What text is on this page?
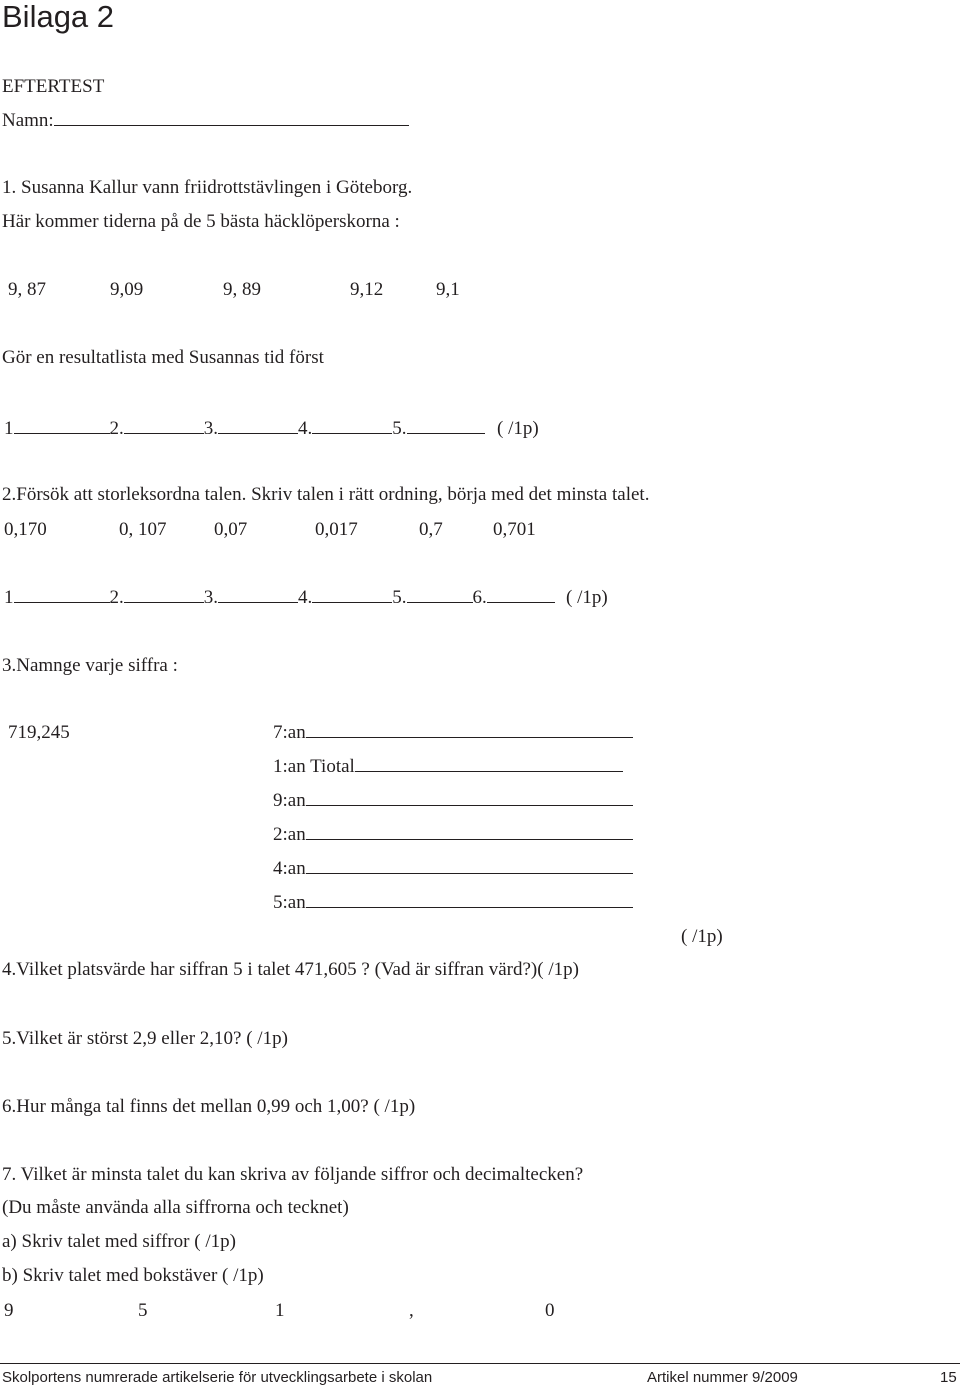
Bilaga 2
EFTERTEST
Namn:
1. Susanna Kallur vann friidrottstävlingen i Göteborg.
Här kommer tiderna på de 5 bästa häcklöperskorna :
9, 87	9,09	9, 89	9,12	9,1
Gör en resultatlista med Susannas tid först
1	2.	3.	4.	5.	( /1p)
2.Försök att storleksordna talen. Skriv talen i rätt ordning, börja med det minsta talet.
0,170	0, 107	0,07	0,017	0,7	0,701
1	2.	3.	4.	5.	6.	( /1p)
3.Namnge varje siffra :
719,245	7:an
1:an Tiotal
9:an
2:an
4:an
5:an
( /1p)
4.Vilket platsvärde har siffran 5 i talet 471,605 ? (Vad är siffran värd?)( /1p)
5.Vilket är störst 2,9 eller 2,10? ( /1p)
6.Hur många tal finns det mellan 0,99 och 1,00? ( /1p)
7. Vilket är minsta talet du kan skriva av följande siffror och decimaltecken?
(Du måste använda alla siffrorna och tecknet)
a) Skriv talet med siffror ( /1p)
b) Skriv talet med bokstäver ( /1p)
9	5	1	,	0
Skolportens numrerade artikelserie för utvecklingsarbete i skolan	Artikel nummer 9/2009	15
